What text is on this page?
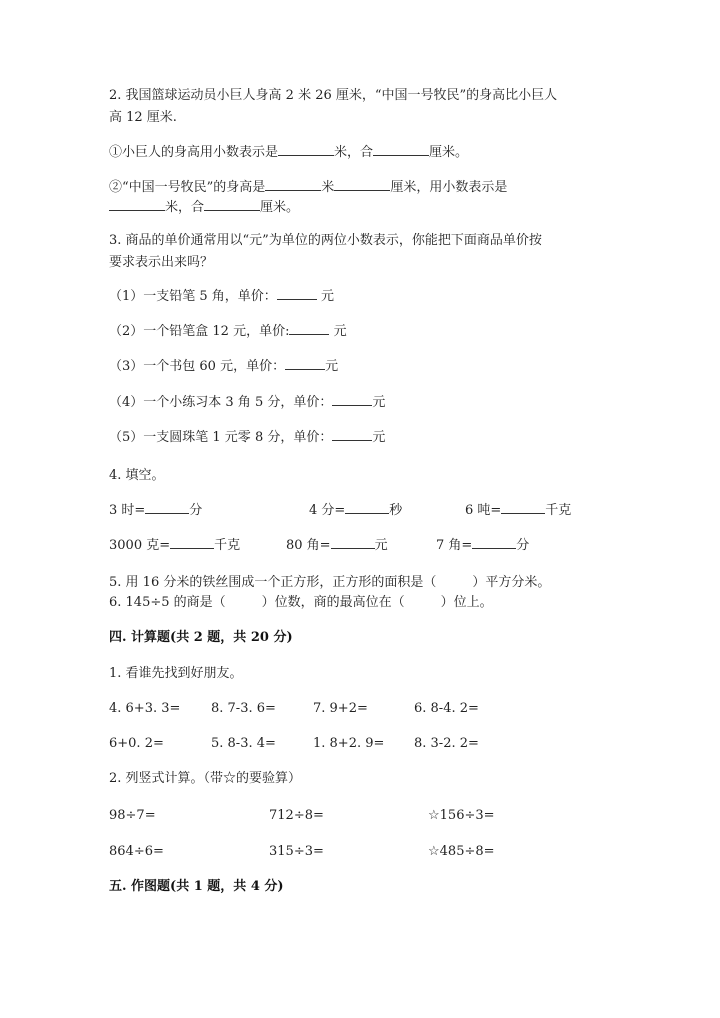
2. 我国篮球运动员小巨人身高 2 米 26 厘米，“中国一号牧民”的身高比小巨人
高 12 厘米.
①小巨人的身高用小数表示是	米，合	厘米。
②“中国一号牧民”的身高是	米	厘米，用小数表示是
米，合	厘米。
3. 商品的单价通常用以“元”为单位的两位小数表示，你能把下面商品单价按
要求表示出来吗？
（1）一支铅笔 5 角，单价：	元
（2）一个铅笔盒 12 元，单价:	元
（3）一个书包 60 元，单价：	元
（4）一个小练习本 3 角 5 分，单价：	元
（5）一支圆珠笔 1 元零 8 分，单价：	元
4. 填空。
3 时=	分	4 分=	秒	6 吨=	千克
3000 克=	千克	80 角=	元	7 角=	分
5. 用 16 分米的铁丝围成一个正方形，正方形的面积是（	）平方分米。
6. 145÷5 的商是（	）位数，商的最高位在（	）位上。
四. 计算题(共 2 题，共 20 分)
1. 看谁先找到好朋友。
4. 6+3. 3= 8. 7-3. 6=	7. 9+2=	6. 8-4. 2=
6+0. 2=	5. 8-3. 4=	1. 8+2. 9= 8. 3-2. 2=
2. 列竖式计算。（带☆的要验算）
98÷7=	712÷8=	☆156÷3=
864÷6=	315÷3=	☆485÷8=
五. 作图题(共 1 题，共 4 分)
